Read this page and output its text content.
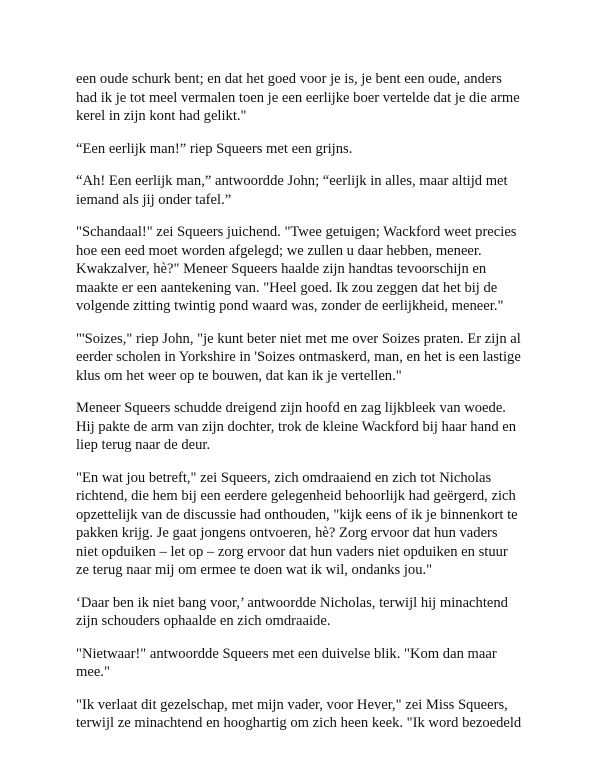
een oude schurk bent; en dat het goed voor je is, je bent een oude, anders
had ik je tot meel vermalen toen je een eerlijke boer vertelde dat je die arme
kerel in zijn kont had gelikt."

“Een eerlijk man!” riep Squeers met een grijns.

“Ah! Een eerlijk man,” antwoordde John; “eerlijk in alles, maar altijd met
iemand als jij onder tafel.”

"Schandaal!" zei Squeers juichend. "Twee getuigen; Wackford weet precies
hoe een eed moet worden afgelegd; we zullen u daar hebben, meneer.
Kwakzalver, hè?" Meneer Squeers haalde zijn handtas tevoorschijn en
maakte er een aantekening van. "Heel goed. Ik zou zeggen dat het bij de
volgende zitting twintig pond waard was, zonder de eerlijkheid, meneer."

"'Soizes," riep John, "je kunt beter niet met me over Soizes praten. Er zijn al
eerder scholen in Yorkshire in 'Soizes ontmaskerd, man, en het is een lastige
klus om het weer op te bouwen, dat kan ik je vertellen."

Meneer Squeers schudde dreigend zijn hoofd en zag lijkbleek van woede.
Hij pakte de arm van zijn dochter, trok de kleine Wackford bij haar hand en
liep terug naar de deur.

"En wat jou betreft," zei Squeers, zich omdraaiend en zich tot Nicholas
richtend, die hem bij een eerdere gelegenheid behoorlijk had geërgerd, zich
opzettelijk van de discussie had onthouden, "kijk eens of ik je binnenkort te
pakken krijg. Je gaat jongens ontvoeren, hè? Zorg ervoor dat hun vaders
niet opduiken – let op – zorg ervoor dat hun vaders niet opduiken en stuur
ze terug naar mij om ermee te doen wat ik wil, ondanks jou."

‘Daar ben ik niet bang voor,’ antwoordde Nicholas, terwijl hij minachtend
zijn schouders ophaalde en zich omdraaide.

"Nietwaar!" antwoordde Squeers met een duivelse blik. "Kom dan maar
mee."

"Ik verlaat dit gezelschap, met mijn vader, voor Hever," zei Miss Squeers,
terwijl ze minachtend en hooghartig om zich heen keek. "Ik word bezoedeld
